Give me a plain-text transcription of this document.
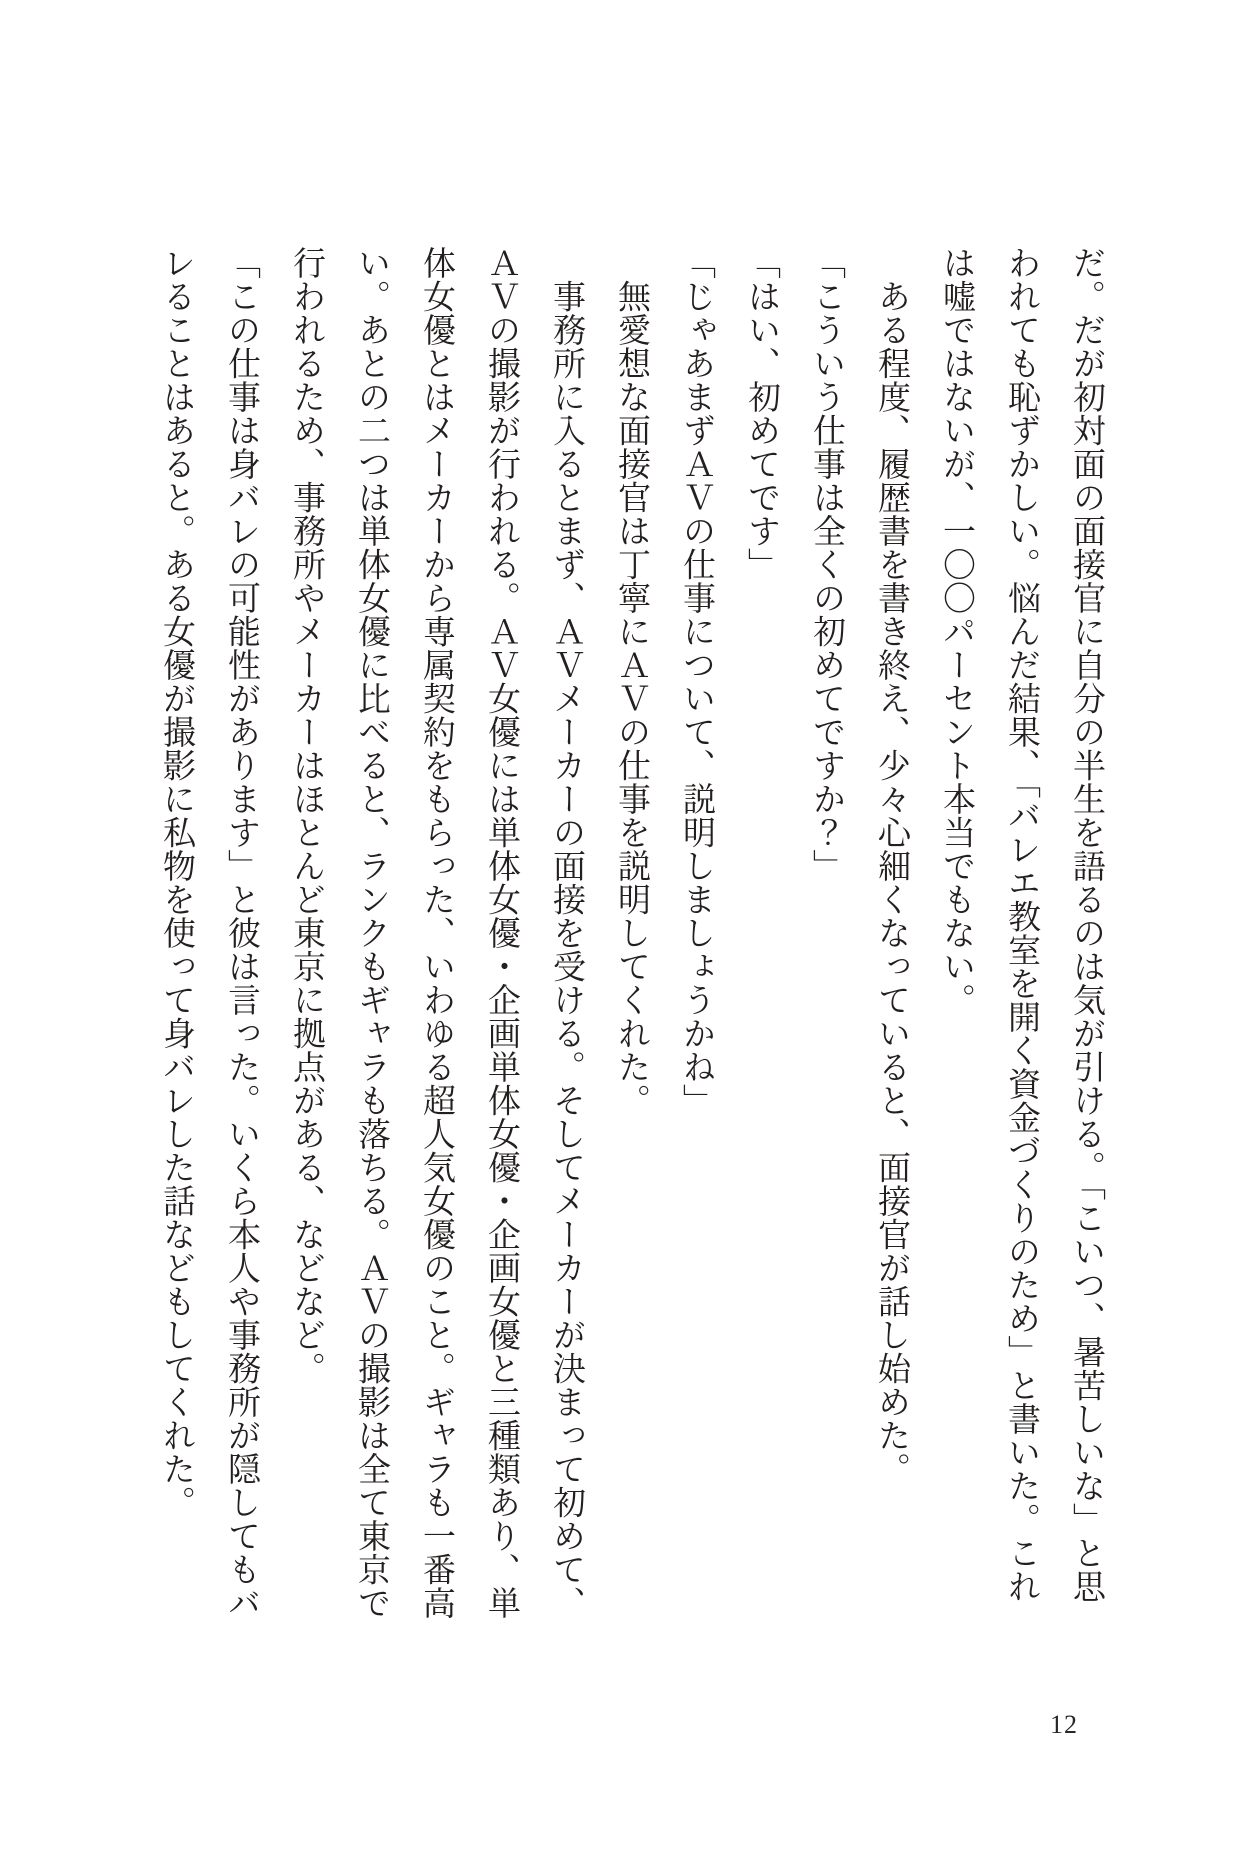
だ。だが初対面の面接官に自分の半生を語るのは気が引ける。「こいつ、暑苦しいな」と思われても恥ずかしい。悩んだ結果、「バレエ教室を開く資金づくりのため」と書いた。これは嘘ではないが、一〇〇パーセント本当でもない。

　ある程度、履歴書を書き終え、少々心細くなっていると、面接官が話し始めた。

「こういう仕事は全くの初めてですか？」

「はい、初めてです」

「じゃあまずＡＶの仕事について、説明しましょうかね」

　無愛想な面接官は丁寧にＡＶの仕事を説明してくれた。

　事務所に入るとまず、ＡＶメーカーの面接を受ける。そしてメーカーが決まって初めて、ＡＶの撮影が行われる。ＡＶ女優には単体女優・企画単体女優・企画女優と三種類あり、単体女優とはメーカーから専属契約をもらった、いわゆる超人気女優のこと。ギャラも一番高い。あとの二つは単体女優に比べると、ランクもギャラも落ちる。ＡＶの撮影は全て東京で行われるため、事務所やメーカーはほとんど東京に拠点がある、などなど。

「この仕事は身バレの可能性があります」と彼は言った。いくら本人や事務所が隠してもバレることはあると。ある女優が撮影に私物を使って身バレした話などもしてくれた。

12
